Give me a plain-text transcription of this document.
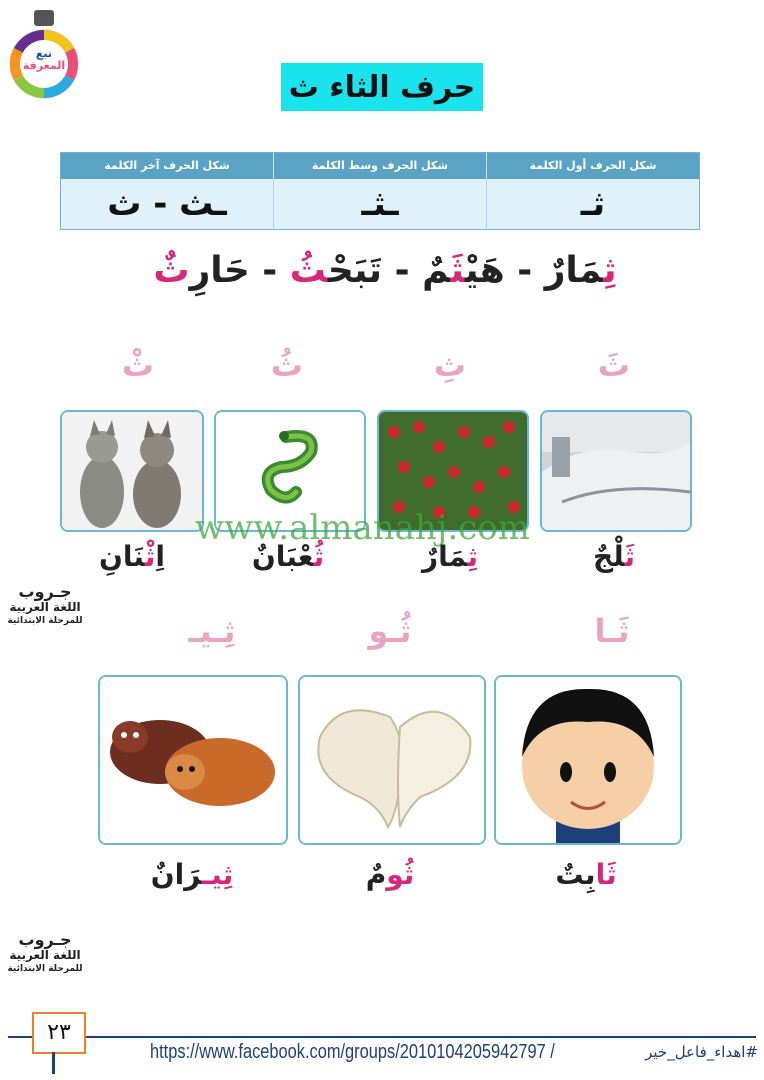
نبع
المعرفة
حرف الثاء ث
شكل الحرف أول الكلمة
شكل الحرف وسط الكلمة
شكل الحرف آخر الكلمة
ثـ
ـثـ
ـث - ث
ثِمَارٌ - هَيْثَمٌ - تَبَحْثُ - حَارِثٌ
ثَ
ثِ
ثُ
ثْ
www.almanahj.com
ثَلْجٌ
ثِمَارٌ
ثُعْبَانٌ
اِثْنَانِ
جـروب
اللغة العربية
للمرحلة الابتدائية	ثَـا
ثُـو
ثِـيـ
ثَابِتٌ
ثُومٌ
ثِيـرَانٌ
جـروب
اللغة العربية
للمرحلة الابتدائية
٢٣
https://www.facebook.com/groups/2010104205942797 /	#اهداء_فاعل_خير
